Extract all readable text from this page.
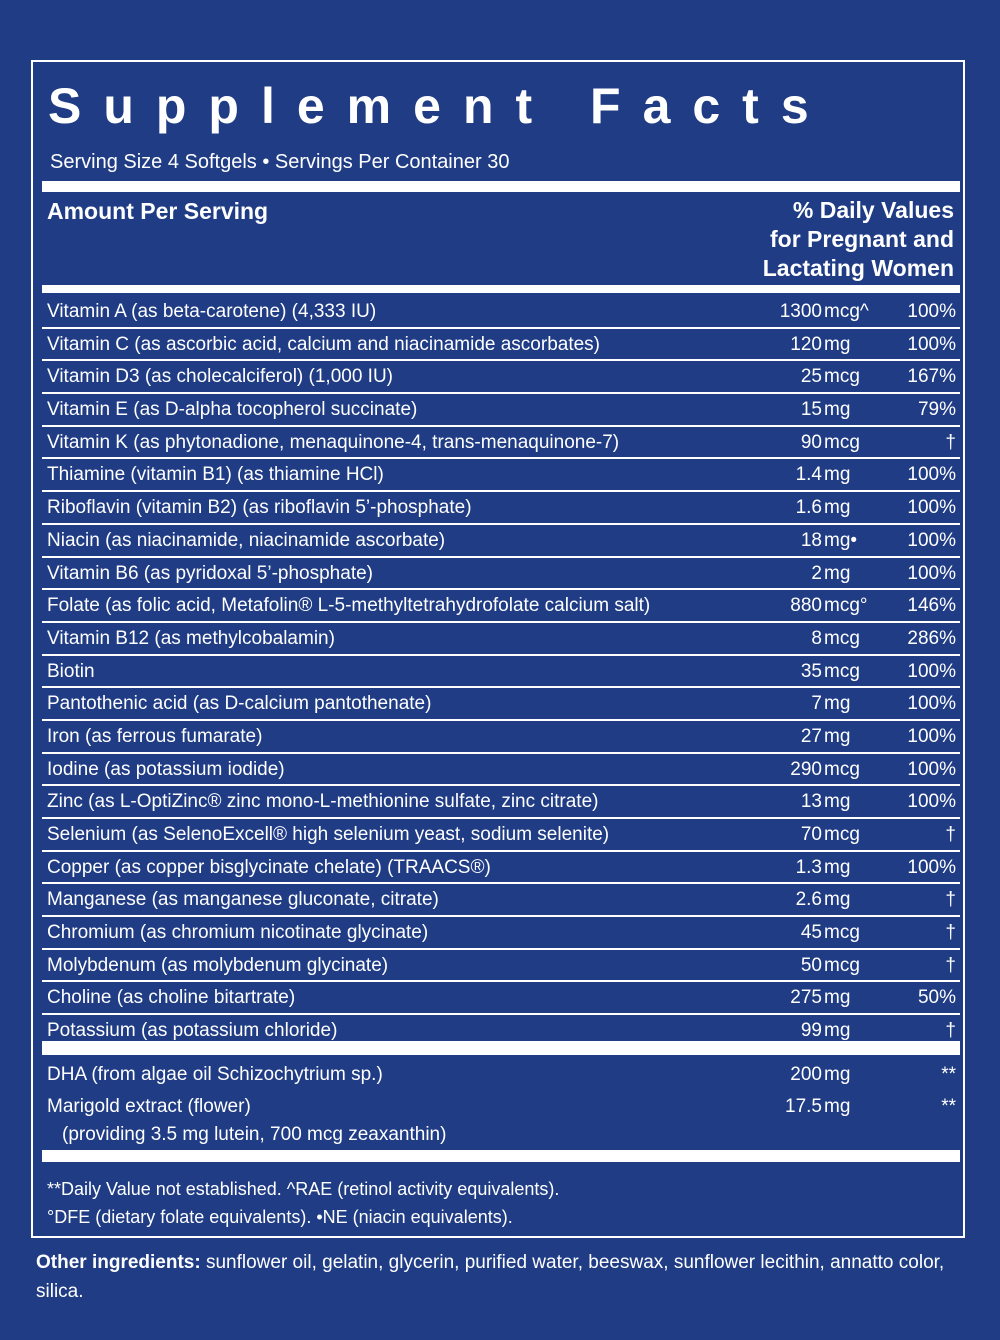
Supplement Facts
Serving Size 4 Softgels • Servings Per Container 30
Amount Per Serving	% Daily Values
for Pregnant and
Lactating Women
Vitamin A (as beta-carotene) (4,333 IU)	1300 mcg^ 100%
Vitamin C (as ascorbic acid, calcium and niacinamide ascorbates)	120 mg	100%
Vitamin D3 (as cholecalciferol) (1,000 IU)	25 mcg 167%
Vitamin E (as D-alpha tocopherol succinate)	15 mg	79%
Vitamin K (as phytonadione, menaquinone-4, trans-menaquinone-7)	90 mcg	†
Thiamine (vitamin B1) (as thiamine HCl)	1.4 mg	100%
Riboflavin (vitamin B2) (as riboflavin 5’-phosphate)	1.6 mg	100%
Niacin (as niacinamide, niacinamide ascorbate)	18 mg•	100%
Vitamin B6 (as pyridoxal 5’-phosphate)	2 mg	100%
Folate (as folic acid, Metafolin® L-5-methyltetrahydrofolate calcium salt)	880 mcg° 146%
Vitamin B12 (as methylcobalamin)	8 mcg 286%
Biotin	35 mcg 100%
Pantothenic acid (as D-calcium pantothenate)	7 mg	100%
Iron (as ferrous fumarate)	27 mg	100%
Iodine (as potassium iodide)	290 mcg 100%
Zinc (as L-OptiZinc® zinc mono-L-methionine sulfate, zinc citrate)	13 mg	100%
Selenium (as SelenoExcell® high selenium yeast, sodium selenite)	70 mcg	†
Copper (as copper bisglycinate chelate) (TRAACS®)	1.3 mg	100%
Manganese (as manganese gluconate, citrate)	2.6 mg	†
Chromium (as chromium nicotinate glycinate)	45 mcg	†
Molybdenum (as molybdenum glycinate)	50 mcg	†
Choline (as choline bitartrate)	275 mg	50%
Potassium (as potassium chloride)	99 mg	†
DHA (from algae oil Schizochytrium sp.)	200 mg	**
Marigold extract (flower)	17.5 mg	**
(providing 3.5 mg lutein, 700 mcg zeaxanthin)
**Daily Value not established. ^RAE (retinol activity equivalents).
°DFE (dietary folate equivalents). •NE (niacin equivalents).
Other ingredients: sunflower oil, gelatin, glycerin, purified water, beeswax, sunflower lecithin, annatto color, silica.
